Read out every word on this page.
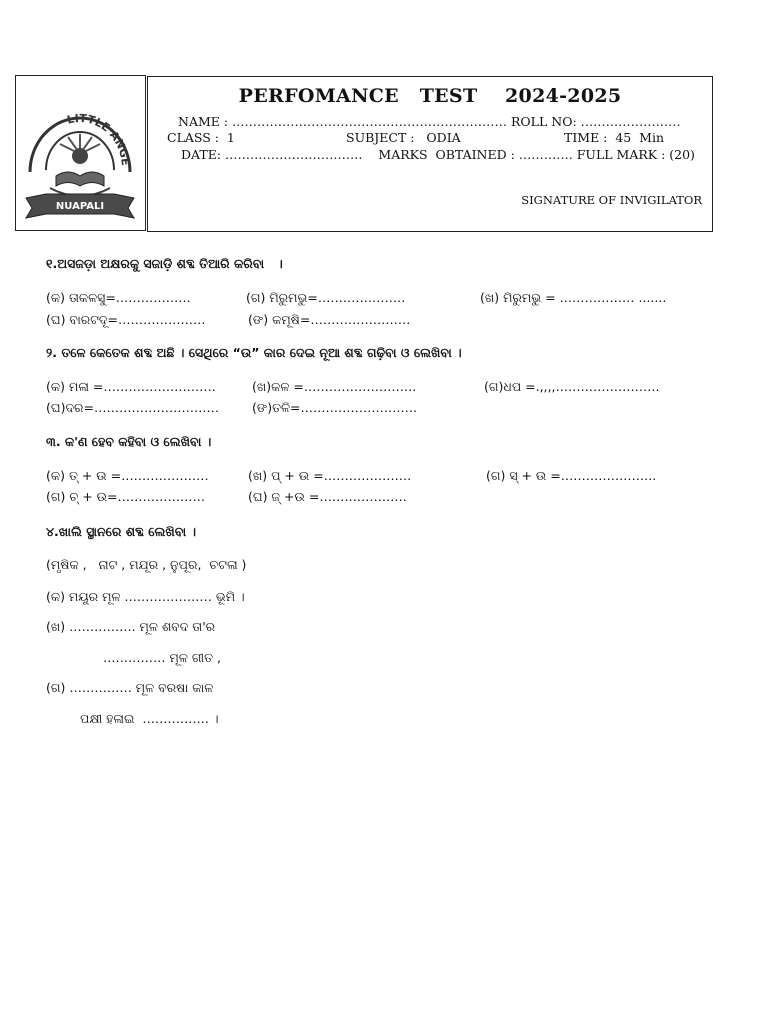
LITTLE ANGE
NUAPALI
PERFOMANCE   TEST    2024-2025
NAME : ………………………………………………………… ROLL NO: ……………………
CLASS :  1	SUBJECT :   ODIA	TIME :  45  Min
DATE: ……………………………    MARKS  OBTAINED : …………. FULL MARK : (20)
SIGNATURE OF INVIGILATOR
୧.ଅସଜଡ଼ା ଅକ୍ଷରକୁ ସଜାଡ଼ି ଶବ୍ଦ ତିଆରି କରିବା   ।
(କ) ତାକଳସୁ=………………	(ଗ) ମିରୁମଭୁ=…………………	(ଖ) ମିରୁମଭୁ = ……………… .......
(ଘ) ବାରଟଦୂ=…………………	(ଙ) କମୂଷି=……………………
୨. ତଳେ କେତେକ ଶବ୍ଦ ଅଛି । ସେଥିରେ “ଉ” କାର ଦେଇ ନୂଆ ଶବ୍ଦ ଗଢ଼ିବା ଓ ଲେଖିବା ।
(କ) ମଳା =………………………	(ଖ)କଳ =………………………	(ଗ)ଧପ =.,,,,…………………….
(ଘ)ଦର=…………………………	(ଙ)ତଳି=……………………….
୩. କ'ଣ ହେବ କହିବା ଓ ଲେଖିବା ।
(କ) ତ୍ + ଉ =…………………	(ଖ) ପ୍ + ଉ =…………………	(ଗ) ସ୍ + ଉ =…………………..
(ଗ) ଚ୍ + ଉ=…………………	(ଘ) ଜ୍ +ଉ =…………………
୪.ଖାଲି ସ୍ଥାନରେ ଶବ୍ଦ ଲେଖିବା ।
(ମୃଷିକ ,   ନାଟ , ମଯୂର , ନୁପୂର,  ଚଟଳା )
(କ) ମୟୂର ମୂଳ ………………… ଭୂମି ।
(ଖ) ……………. ମୂଳ ଶବଦ ତା'ର
…………… ମୂଳ ଗୀତ ,
(ଗ) …………… ମୂଳ ବରଷା କାଳ
ପକ୍ଷୀ ହଳାଇ  ……………. ।
